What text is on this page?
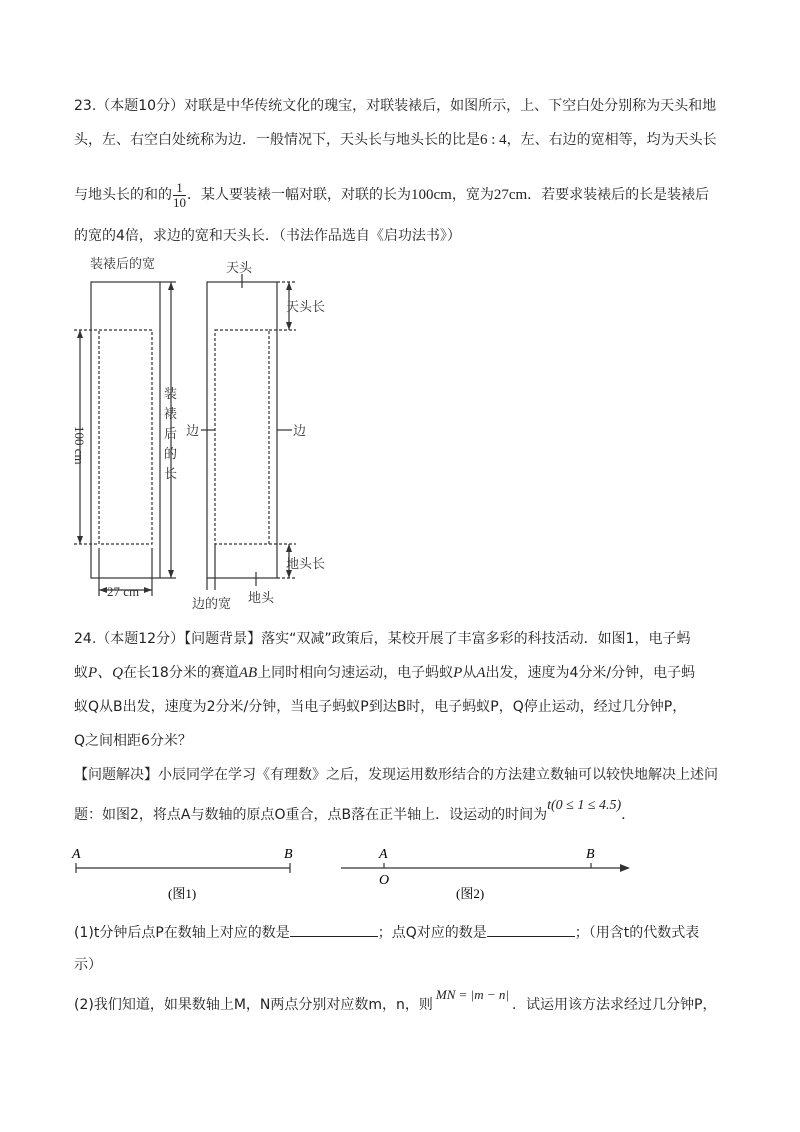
23.（本题10分）对联是中华传统文化的瑰宝，对联装裱后，如图所示，上、下空白处分别称为天头和地
头，左、右空白处统称为边．一般情况下，天头长与地头长的比是6 : 4，左、右边的宽相等，均为天头长
与地头长的和的 $\frac{1}{10}$ ．某人要装裱一幅对联，对联的长为100cm，宽为27cm．若要求装裱后的长是装裱后
的宽的4倍，求边的宽和天头长．（书法作品选自《启功法书》）
装裱后的宽
100 cm
装
裱
后
的
长
27 cm
天头
天头长
边	边
地头长
边的宽 地头
24.（本题12分）【问题背景】落实“双减”政策后，某校开展了丰富多彩的科技活动．如图1，电子蚂
蚁P、Q在长18分米的赛道AB上同时相向匀速运动，电子蚂蚁P从A出发，速度为4分米/分钟，电子蚂
蚁Q从B出发，速度为2分米/分钟，当电子蚂蚁P到达B时，电子蚂蚁P，Q停止运动，经过几分钟P，
Q之间相距6分米？
【问题解决】小辰同学在学习《有理数》之后，发现运用数形结合的方法建立数轴可以较快地解决上述问
题：如图2，将点A与数轴的原点O重合，点B落在正半轴上．设运动的时间为t(0 ≤ 1 ≤ 4.5)．
A	B
(图1)
A	B
O
(图2)
(1)t分钟后点P在数轴上对应的数是	；点Q对应的数是	；（用含t的代数式表
示）
(2)我们知道，如果数轴上M，N两点分别对应数m，n，则MN = |m − n|．试运用该方法求经过几分钟P，
